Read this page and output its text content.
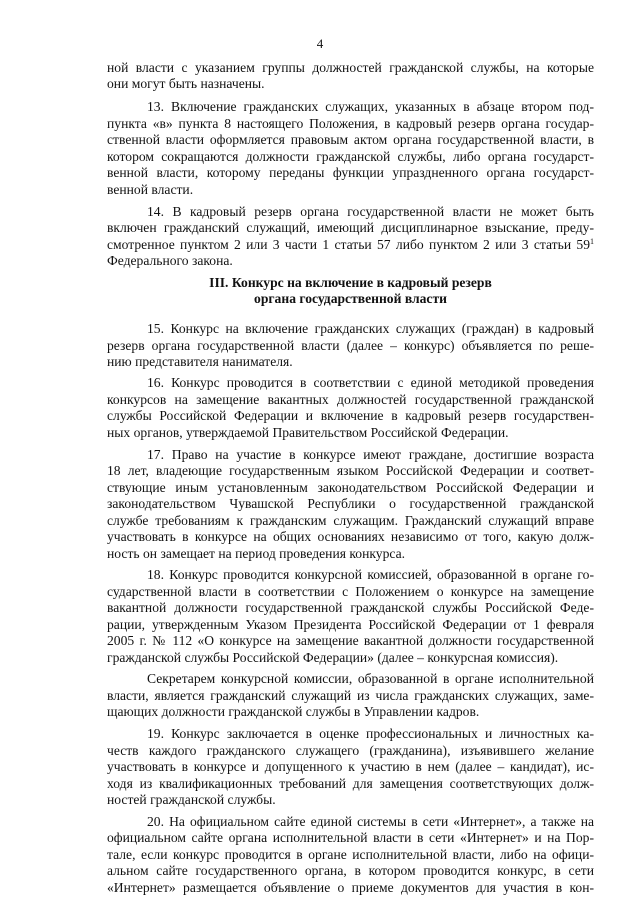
4
ной власти с указанием группы должностей гражданской службы, на которые
они могут быть назначены.
13. Включение гражданских служащих, указанных в абзаце втором под-
пункта «в» пункта 8 настоящего Положения, в кадровый резерв органа государ-
ственной власти оформляется правовым актом органа государственной власти, в
котором сокращаются должности гражданской службы, либо органа государст-
венной власти, которому переданы функции упраздненного органа государст-
венной власти.
14. В кадровый резерв органа государственной власти не может быть
включен гражданский служащий, имеющий дисциплинарное взыскание, преду-
смотренное пунктом 2 или 3 части 1 статьи 57 либо пунктом 2 или 3 статьи $59^1$
Федерального закона.
III. Конкурс на включение в кадровый резерв
органа государственной власти
15. Конкурс на включение гражданских служащих (граждан) в кадровый
резерв органа государственной власти (далее – конкурс) объявляется по реше-
нию представителя нанимателя.
16. Конкурс проводится в соответствии с единой методикой проведения
конкурсов на замещение вакантных должностей государственной гражданской
службы Российской Федерации и включение в кадровый резерв государствен-
ных органов, утверждаемой Правительством Российской Федерации.
17. Право на участие в конкурсе имеют граждане, достигшие возраста
18 лет, владеющие государственным языком Российской Федерации и соответ-
ствующие иным установленным законодательством Российской Федерации и
законодательством Чувашской Республики о государственной гражданской
службе требованиям к гражданским служащим. Гражданский служащий вправе
участвовать в конкурсе на общих основаниях независимо от того, какую долж-
ность он замещает на период проведения конкурса.
18. Конкурс проводится конкурсной комиссией, образованной в органе го-
сударственной власти в соответствии с Положением о конкурсе на замещение
вакантной должности государственной гражданской службы Российской Феде-
рации, утвержденным Указом Президента Российской Федерации от 1 февраля
2005 г. № 112 «О конкурсе на замещение вакантной должности государственной
гражданской службы Российской Федерации» (далее – конкурсная комиссия).
Секретарем конкурсной комиссии, образованной в органе исполнительной
власти, является гражданский служащий из числа гражданских служащих, заме-
щающих должности гражданской службы в Управлении кадров.
19. Конкурс заключается в оценке профессиональных и личностных ка-
честв каждого гражданского служащего (гражданина), изъявившего желание
участвовать в конкурсе и допущенного к участию в нем (далее – кандидат), ис-
ходя из квалификационных требований для замещения соответствующих долж-
ностей гражданской службы.
20. На официальном сайте единой системы в сети «Интернет», а также на
официальном сайте органа исполнительной власти в сети «Интернет» и на Пор-
тале, если конкурс проводится в органе исполнительной власти, либо на офици-
альном сайте государственного органа, в котором проводится конкурс, в сети
«Интернет» размещается объявление о приеме документов для участия в кон-
